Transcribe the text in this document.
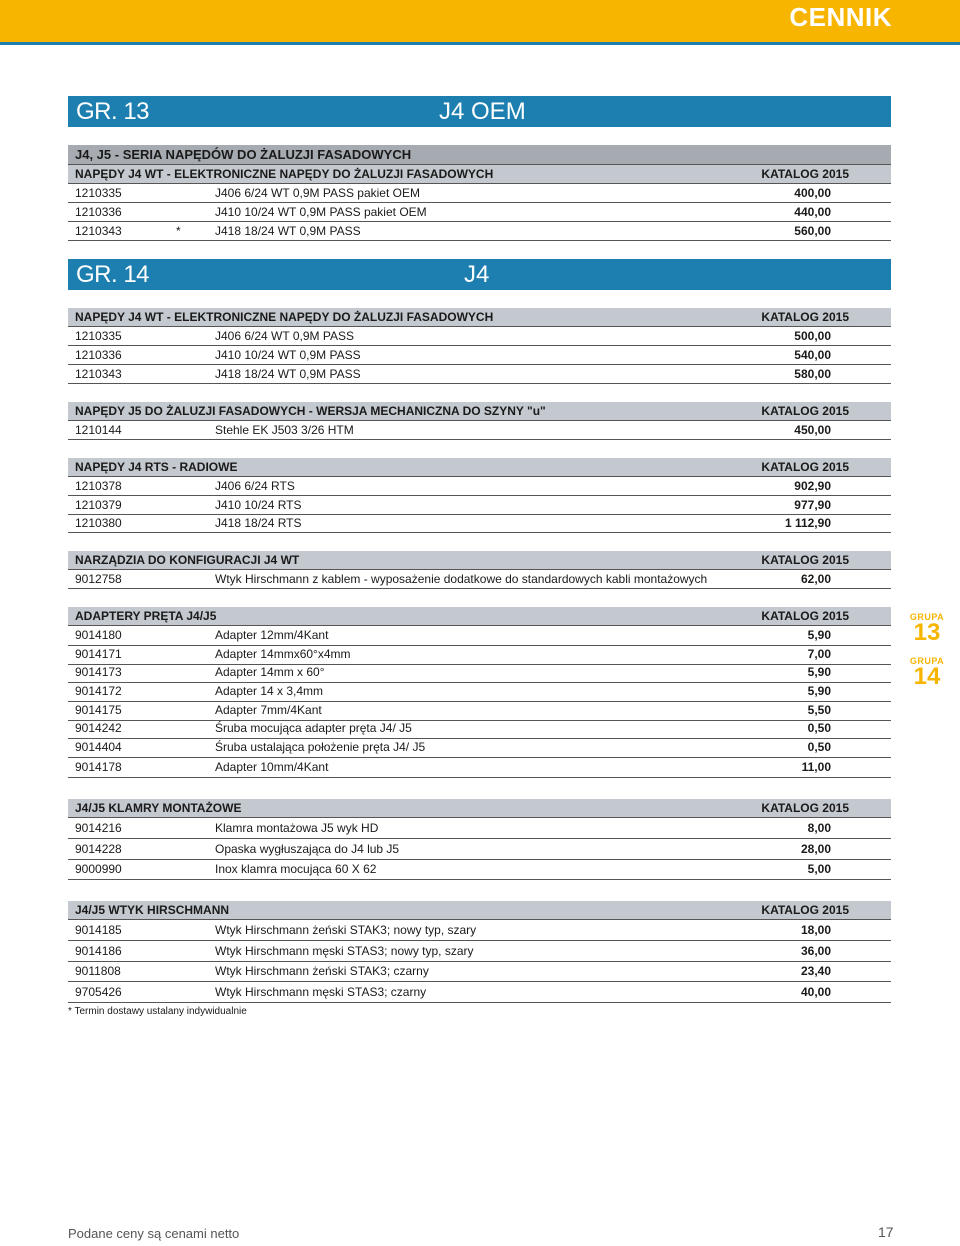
CENNIK
GR. 13	J4 OEM
J4, J5 - SERIA NAPĘDÓW DO ŻALUZJI FASADOWYCH
NAPĘDY J4 WT - ELEKTRONICZNE NAPĘDY DO ŻALUZJI FASADOWYCH	KATALOG 2015
GR. 14	J4
GRUPA
13
GRUPA
14
* Termin dostawy ustalany indywidualnie
Podane ceny są cenami netto	17
1210335	J406 6/24 WT 0,9M PASS pakiet OEM	400,00
1210336	J410 10/24 WT 0,9M PASS pakiet OEM	440,00
1210343	*	J418 18/24 WT 0,9M PASS	560,00
NAPĘDY J4 WT - ELEKTRONICZNE NAPĘDY DO ŻALUZJI FASADOWYCH	KATALOG 2015
1210335	J406 6/24 WT 0,9M PASS	500,00
1210336	J410 10/24 WT 0,9M PASS	540,00
1210343	J418 18/24 WT 0,9M PASS	580,00
NAPĘDY J5 DO ŻALUZJI FASADOWYCH - WERSJA MECHANICZNA DO SZYNY "u"	KATALOG 2015
1210144	Stehle EK J503 3/26 HTM	450,00
NAPĘDY J4 RTS - RADIOWE	KATALOG 2015
1210378	J406 6/24 RTS	902,90
1210379	J410 10/24 RTS	977,90
1210380	J418 18/24 RTS	1 112,90
NARZĄDZIA DO KONFIGURACJI J4 WT	KATALOG 2015
9012758	Wtyk Hirschmann z kablem - wyposażenie dodatkowe do standardowych kabli montażowych	62,00
ADAPTERY PRĘTA J4/J5	KATALOG 2015
9014180	Adapter 12mm/4Kant	5,90
9014171	Adapter 14mmx60°x4mm	7,00
9014173	Adapter 14mm x 60°	5,90
9014172	Adapter 14 x 3,4mm	5,90
9014175	Adapter 7mm/4Kant	5,50
9014242	Śruba mocująca adapter pręta J4/ J5	0,50
9014404	Śruba ustalająca położenie pręta J4/ J5	0,50
9014178	Adapter 10mm/4Kant	11,00
J4/J5 KLAMRY MONTAŻOWE	KATALOG 2015
9014216	Klamra montażowa J5 wyk HD	8,00
9014228	Opaska wygłuszająca do J4 lub J5	28,00
9000990	Inox klamra mocująca 60 X 62	5,00
J4/J5 WTYK HIRSCHMANN	KATALOG 2015
9014185	Wtyk Hirschmann żeński STAK3; nowy typ, szary	18,00
9014186	Wtyk Hirschmann męski STAS3; nowy typ, szary	36,00
9011808	Wtyk Hirschmann żeński STAK3; czarny	23,40
9705426	Wtyk Hirschmann męski STAS3; czarny	40,00
